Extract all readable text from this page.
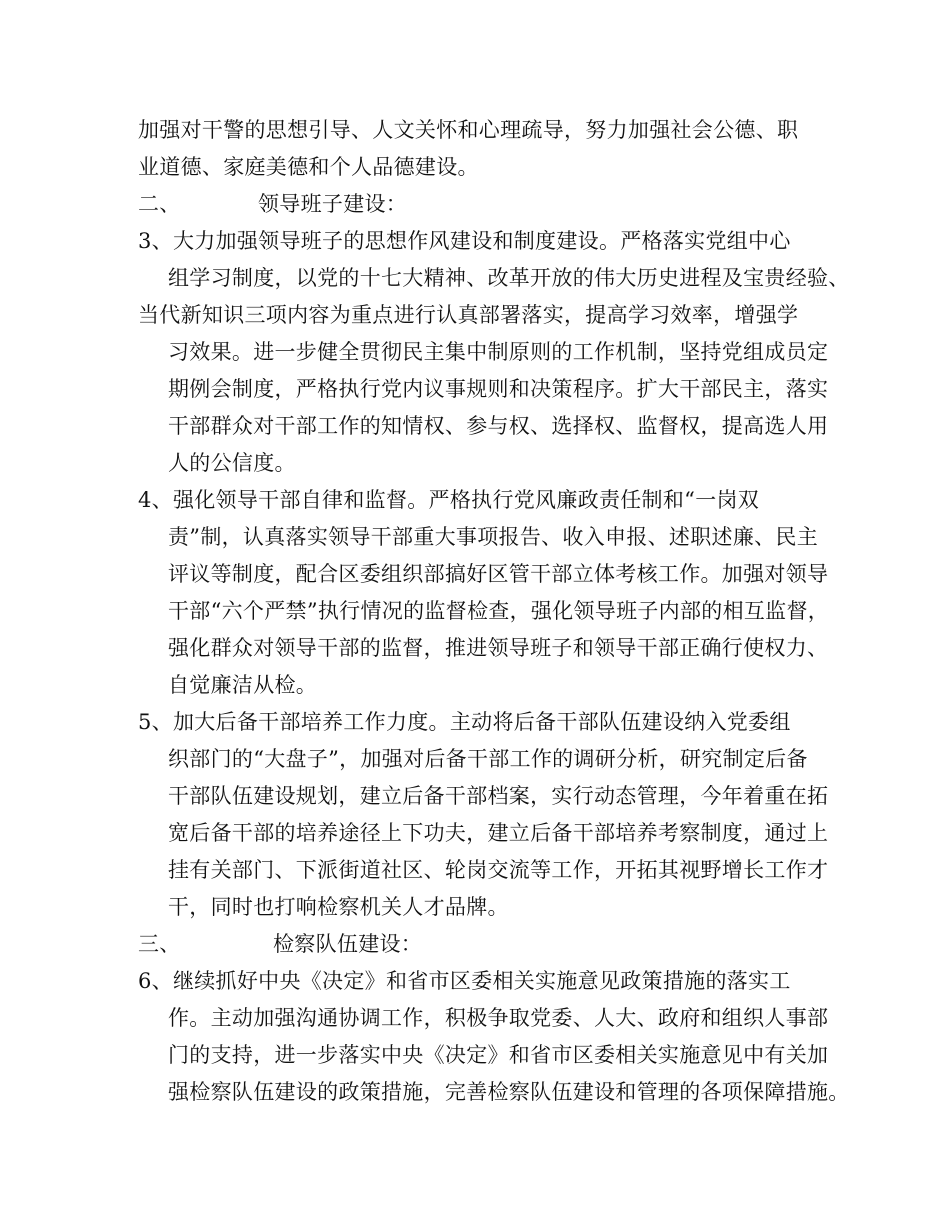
加强对干警的思想引导、人文关怀和心理疏导，努力加强社会公德、职
业道德、家庭美德和个人品德建设。
二、	领导班子建设：
3、大力加强领导班子的思想作风建设和制度建设。严格落实党组中心
组学习制度，以党的十七大精神、改革开放的伟大历史进程及宝贵经验、
当代新知识三项内容为重点进行认真部署落实，提高学习效率，增强学
习效果。进一步健全贯彻民主集中制原则的工作机制，坚持党组成员定
期例会制度，严格执行党内议事规则和决策程序。扩大干部民主，落实
干部群众对干部工作的知情权、参与权、选择权、监督权，提高选人用
人的公信度。
4、强化领导干部自律和监督。严格执行党风廉政责任制和“一岗双
责”制，认真落实领导干部重大事项报告、收入申报、述职述廉、民主
评议等制度，配合区委组织部搞好区管干部立体考核工作。加强对领导
干部“六个严禁”执行情况的监督检查，强化领导班子内部的相互监督，
强化群众对领导干部的监督，推进领导班子和领导干部正确行使权力、
自觉廉洁从检。
5、加大后备干部培养工作力度。主动将后备干部队伍建设纳入党委组
织部门的“大盘子”，加强对后备干部工作的调研分析，研究制定后备
干部队伍建设规划，建立后备干部档案，实行动态管理，今年着重在拓
宽后备干部的培养途径上下功夫，建立后备干部培养考察制度，通过上
挂有关部门、下派街道社区、轮岗交流等工作，开拓其视野增长工作才
干，同时也打响检察机关人才品牌。
三、	检察队伍建设：
6、继续抓好中央《决定》和省市区委相关实施意见政策措施的落实工
作。主动加强沟通协调工作，积极争取党委、人大、政府和组织人事部
门的支持，进一步落实中央《决定》和省市区委相关实施意见中有关加
强检察队伍建设的政策措施，完善检察队伍建设和管理的各项保障措施。
